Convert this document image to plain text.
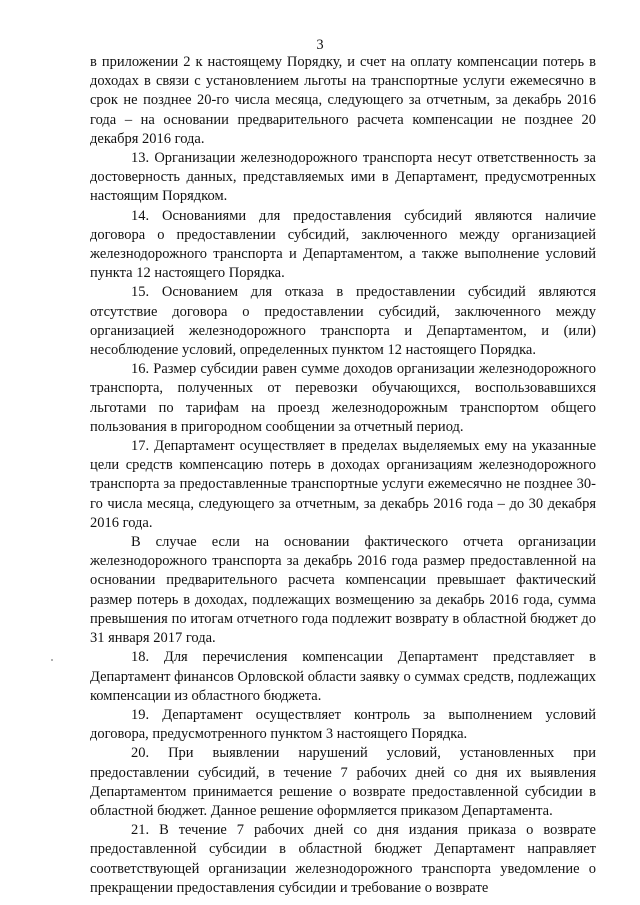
3

в приложении 2 к настоящему Порядку, и счет на оплату компенсации потерь в доходах в связи с установлением льготы на транспортные услуги ежемесячно в срок не позднее 20-го числа месяца, следующего за отчетным, за декабрь 2016 года – на основании предварительного расчета компенсации не позднее 20 декабря 2016 года.

13. Организации железнодорожного транспорта несут ответственность за достоверность данных, представляемых ими в Департамент, предусмотренных настоящим Порядком.

14. Основаниями для предоставления субсидий являются наличие договора о предоставлении субсидий, заключенного между организацией железнодорожного транспорта и Департаментом, а также выполнение условий пункта 12 настоящего Порядка.

15. Основанием для отказа в предоставлении субсидий являются отсутствие договора о предоставлении субсидий, заключенного между организацией железнодорожного транспорта и Департаментом, и (или) несоблюдение условий, определенных пунктом 12 настоящего Порядка.

16. Размер субсидии равен сумме доходов организации железнодорожного транспорта, полученных от перевозки обучающихся, воспользовавшихся льготами по тарифам на проезд железнодорожным транспортом общего пользования в пригородном сообщении за отчетный период.

17. Департамент осуществляет в пределах выделяемых ему на указанные цели средств компенсацию потерь в доходах организациям железнодорожного транспорта за предоставленные транспортные услуги ежемесячно не позднее 30-го числа месяца, следующего за отчетным, за декабрь 2016 года – до 30 декабря 2016 года.

В случае если на основании фактического отчета организации железнодорожного транспорта за декабрь 2016 года размер предоставленной на основании предварительного расчета компенсации превышает фактический размер потерь в доходах, подлежащих возмещению за декабрь 2016 года, сумма превышения по итогам отчетного года подлежит возврату в областной бюджет до 31 января 2017 года.

18. Для перечисления компенсации Департамент представляет в Департамент финансов Орловской области заявку о суммах средств, подлежащих компенсации из областного бюджета.

19. Департамент осуществляет контроль за выполнением условий договора, предусмотренного пунктом 3 настоящего Порядка.

20. При выявлении нарушений условий, установленных при предоставлении субсидий, в течение 7 рабочих дней со дня их выявления Департаментом принимается решение о возврате предоставленной субсидии в областной бюджет. Данное решение оформляется приказом Департамента.

21. В течение 7 рабочих дней со дня издания приказа о возврате предоставленной субсидии в областной бюджет Департамент направляет соответствующей организации железнодорожного транспорта уведомление о прекращении предоставления субсидии и требование о возврате
